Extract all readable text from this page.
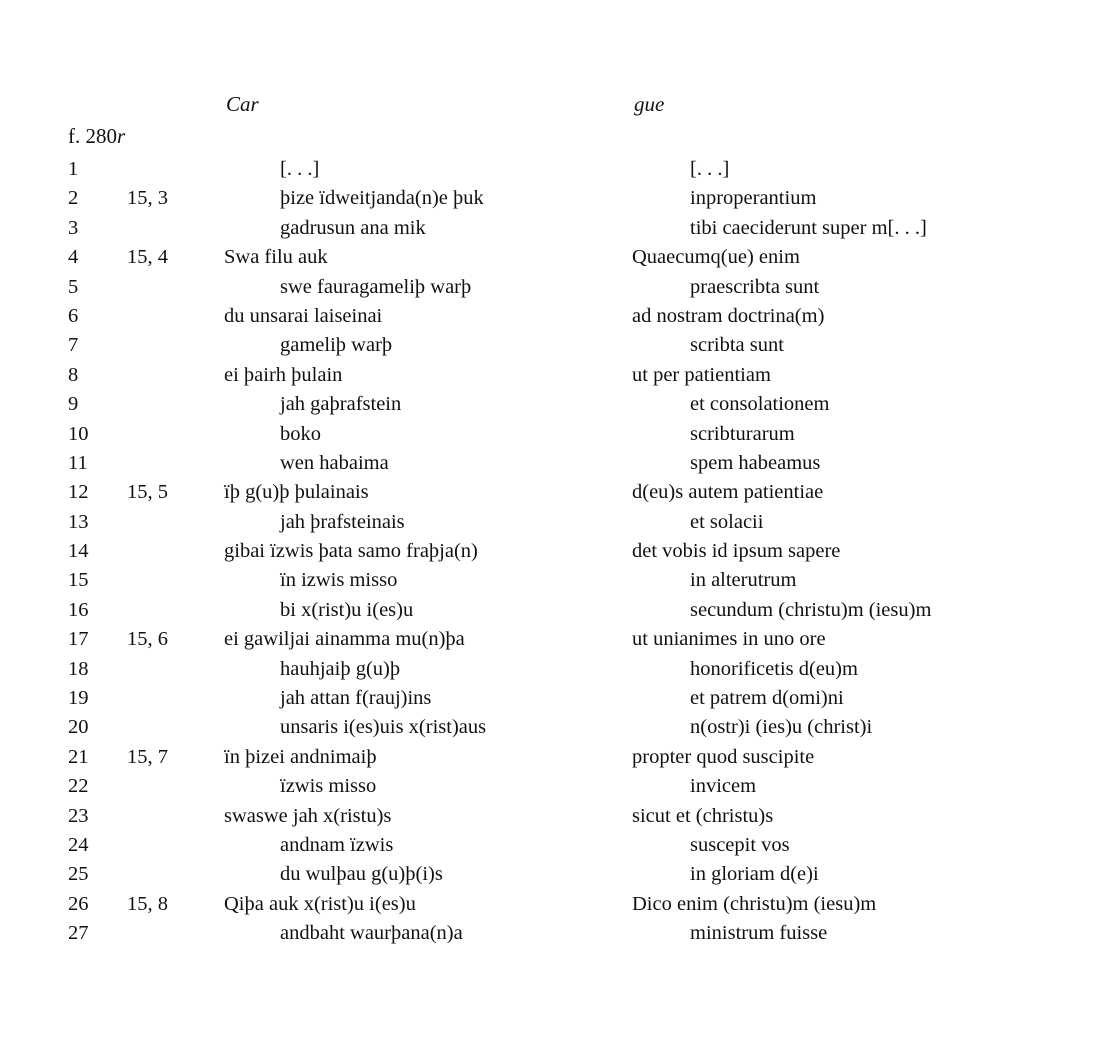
Car	gue
f. 280r
1	[. . .]	[. . .]
2 15, 3	þize ïdweitjanda(n)e þuk	inproperantium
3	gadrusun ana mik	tibi caeciderunt super m[. . .]
4 15, 4	Swa filu auk	Quaecumq(ue) enim
5	swe fauragameliþ warþ	praescribta sunt
6	du unsarai laiseinai	ad nostram doctrina(m)
7	gameliþ warþ	scribta sunt
8	ei þairh þulain	ut per patientiam
9	jah gaþrafstein	et consolationem
10	boko	scribturarum
11	wen habaima	spem habeamus
12 15, 5	ïþ g(u)þ þulainais	d(eu)s autem patientiae
13	jah þrafsteinais	et solacii
14	gibai ïzwis þata samo fraþja(n)	det vobis id ipsum sapere
15	ïn izwis misso	in alterutrum
16	bi x(rist)u i(es)u	secundum (christu)m (iesu)m
17 15, 6	ei gawiljai ainamma mu(n)þa	ut unianimes in uno ore
18	hauhjaiþ g(u)þ	honorificetis d(eu)m
19	jah attan f(rauj)ins	et patrem d(omi)ni
20	unsaris i(es)uis x(rist)aus	n(ostr)i (ies)u (christ)i
21 15, 7	ïn þizei andnimaiþ	propter quod suscipite
22	ïzwis misso	invicem
23	swaswe jah x(ristu)s	sicut et (christu)s
24	andnam ïzwis	suscepit vos
25	du wulþau g(u)þ(i)s	in gloriam d(e)i
26 15, 8	Qiþa auk x(rist)u i(es)u	Dico enim (christu)m (iesu)m
27	andbaht waurþana(n)a	ministrum fuisse
